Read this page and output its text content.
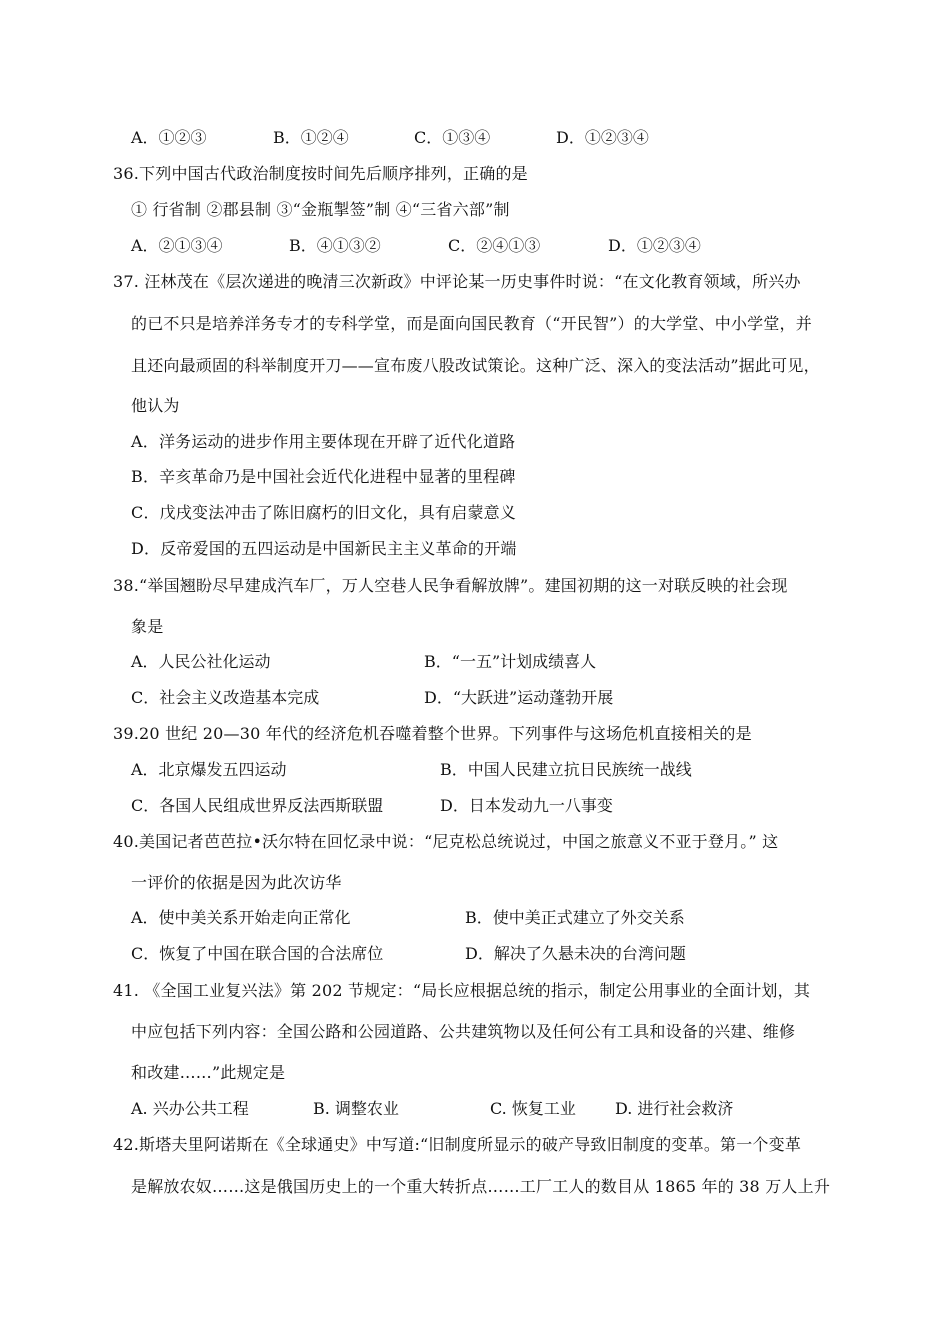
A．①②③	B．①②④	C．①③④	D．①②③④
36.下列中国古代政治制度按时间先后顺序排列，正确的是
① 行省制 ②郡县制 ③“金瓶掣签”制 ④“三省六部”制
A．②①③④	B．④①③②	C．②④①③	D．①②③④
37. 汪林茂在《层次递进的晚清三次新政》中评论某一历史事件时说：“在文化教育领域，所兴办
的已不只是培养洋务专才的专科学堂，而是面向国民教育（“开民智”）的大学堂、中小学堂，并
且还向最顽固的科举制度开刀——宣布废八股改试策论。这种广泛、深入的变法活动”据此可见，
他认为
A．洋务运动的进步作用主要体现在开辟了近代化道路
B．辛亥革命乃是中国社会近代化进程中显著的里程碑
C．戊戌变法冲击了陈旧腐朽的旧文化，具有启蒙意义
D．反帝爱国的五四运动是中国新民主主义革命的开端
38.“举国翘盼尽早建成汽车厂，万人空巷人民争看解放牌”。建国初期的这一对联反映的社会现
象是
A．人民公社化运动	B．“一五”计划成绩喜人
C．社会主义改造基本完成	D．“大跃进”运动蓬勃开展
39.20 世纪 20—30 年代的经济危机吞噬着整个世界。下列事件与这场危机直接相关的是
A．北京爆发五四运动	B．中国人民建立抗日民族统一战线
C．各国人民组成世界反法西斯联盟	D．日本发动九一八事变
40.美国记者芭芭拉•沃尔特在回忆录中说：“尼克松总统说过，中国之旅意义不亚于登月。” 这
一评价的依据是因为此次访华
A．使中美关系开始走向正常化	B．使中美正式建立了外交关系
C．恢复了中国在联合国的合法席位	D．解决了久悬未决的台湾问题
41. 《全国工业复兴法》第 202 节规定：“局长应根据总统的指示，制定公用事业的全面计划，其
中应包括下列内容：全国公路和公园道路、公共建筑物以及任何公有工具和设备的兴建、维修
和改建……”此规定是
A. 兴办公共工程	B. 调整农业	C. 恢复工业 D. 进行社会救济
42.斯塔夫里阿诺斯在《全球通史》中写道:“旧制度所显示的破产导致旧制度的变革。第一个变革
是解放农奴……这是俄国历史上的一个重大转折点……工厂工人的数目从 1865 年的 38 万人上升
